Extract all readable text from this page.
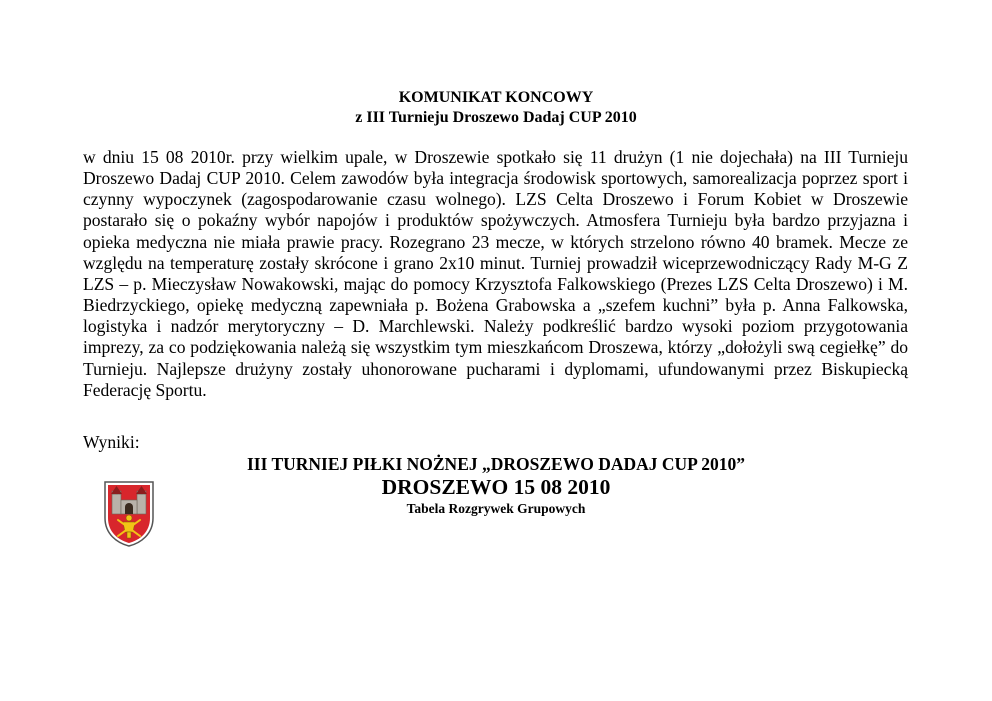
KOMUNIKAT KONCOWY
z III Turnieju Droszewo Dadaj CUP 2010
w dniu 15 08 2010r. przy wielkim upale, w Droszewie spotkało się 11 drużyn (1 nie dojechała) na III Turnieju Droszewo Dadaj CUP 2010. Celem zawodów była integracja środowisk sportowych, samorealizacja poprzez sport i czynny wypoczynek (zagospodarowanie czasu wolnego). LZS Celta Droszewo i Forum Kobiet w Droszewie postarało się o pokaźny wybór napojów i produktów spożywczych. Atmosfera Turnieju była bardzo przyjazna i opieka medyczna nie miała prawie pracy. Rozegrano 23 mecze, w których strzelono równo 40 bramek. Mecze ze względu na temperaturę zostały skrócone i grano 2x10 minut. Turniej prowadził wiceprzewodniczący Rady M-G Z LZS – p. Mieczysław Nowakowski, mając do pomocy Krzysztofa Falkowskiego (Prezes LZS Celta Droszewo) i M. Biedrzyckiego, opiekę medyczną zapewniała p. Bożena Grabowska a „szefem kuchni” była p. Anna Falkowska, logistyka i nadzór merytoryczny – D. Marchlewski. Należy podkreślić bardzo wysoki poziom przygotowania imprezy, za co podziękowania należą się wszystkim tym mieszkańcom Droszewa, którzy „dołożyli swą cegiełkę” do Turnieju. Najlepsze drużyny zostały uhonorowane pucharami i dyplomami, ufundowanymi przez Biskupiecką Federację Sportu.
Wyniki:
III TURNIEJ PIŁKI NOŻNEJ „DROSZEWO DADAJ CUP 2010”
DROSZEWO 15 08 2010
Tabela Rozgrywek Grupowych
